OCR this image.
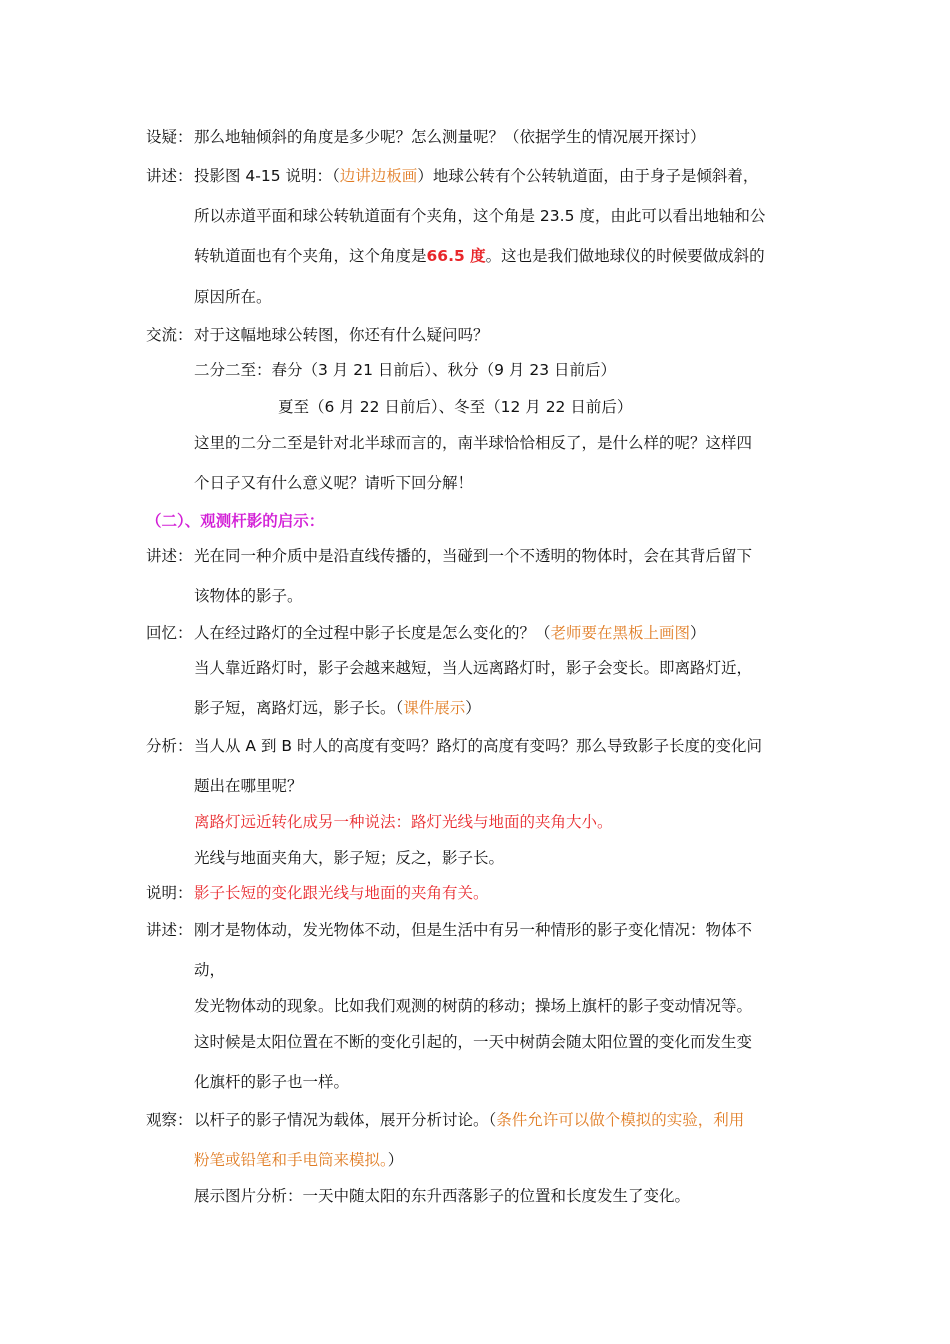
设疑： 那么地轴倾斜的角度是多少呢？怎么测量呢？（依据学生的情况展开探讨）
讲述： 投影图 4-15 说明：（边讲边板画）地球公转有个公转轨道面，由于身子是倾斜着，
所以赤道平面和球公转轨道面有个夹角，这个角是 23.5 度，由此可以看出地轴和公
转轨道面也有个夹角，这个角度是66.5 度。这也是我们做地球仪的时候要做成斜的
原因所在。
交流： 对于这幅地球公转图，你还有什么疑问吗？
二分二至：春分（3 月 21 日前后）、秋分（9 月 23 日前后）
夏至（6 月 22 日前后）、冬至（12 月 22 日前后）
这里的二分二至是针对北半球而言的，南半球恰恰相反了，是什么样的呢？这样四
个日子又有什么意义呢？请听下回分解！
（二）、观测杆影的启示：
讲述： 光在同一种介质中是沿直线传播的，当碰到一个不透明的物体时，会在其背后留下
该物体的影子。
回忆： 人在经过路灯的全过程中影子长度是怎么变化的？（老师要在黑板上画图）
当人靠近路灯时，影子会越来越短，当人远离路灯时，影子会变长。即离路灯近，
影子短，离路灯远，影子长。（课件展示）
分析： 当人从 A 到 B 时人的高度有变吗？路灯的高度有变吗？那么导致影子长度的变化问
题出在哪里呢？
离路灯远近转化成另一种说法：路灯光线与地面的夹角大小。
光线与地面夹角大，影子短；反之，影子长。
说明： 影子长短的变化跟光线与地面的夹角有关。
讲述： 刚才是物体动，发光物体不动，但是生活中有另一种情形的影子变化情况：物体不
动，
发光物体动的现象。比如我们观测的树荫的移动；操场上旗杆的影子变动情况等。
这时候是太阳位置在不断的变化引起的，一天中树荫会随太阳位置的变化而发生变
化旗杆的影子也一样。
观察： 以杆子的影子情况为载体，展开分析讨论。（条件允许可以做个模拟的实验，利用
粉笔或铅笔和手电筒来模拟。）
展示图片分析：一天中随太阳的东升西落影子的位置和长度发生了变化。
